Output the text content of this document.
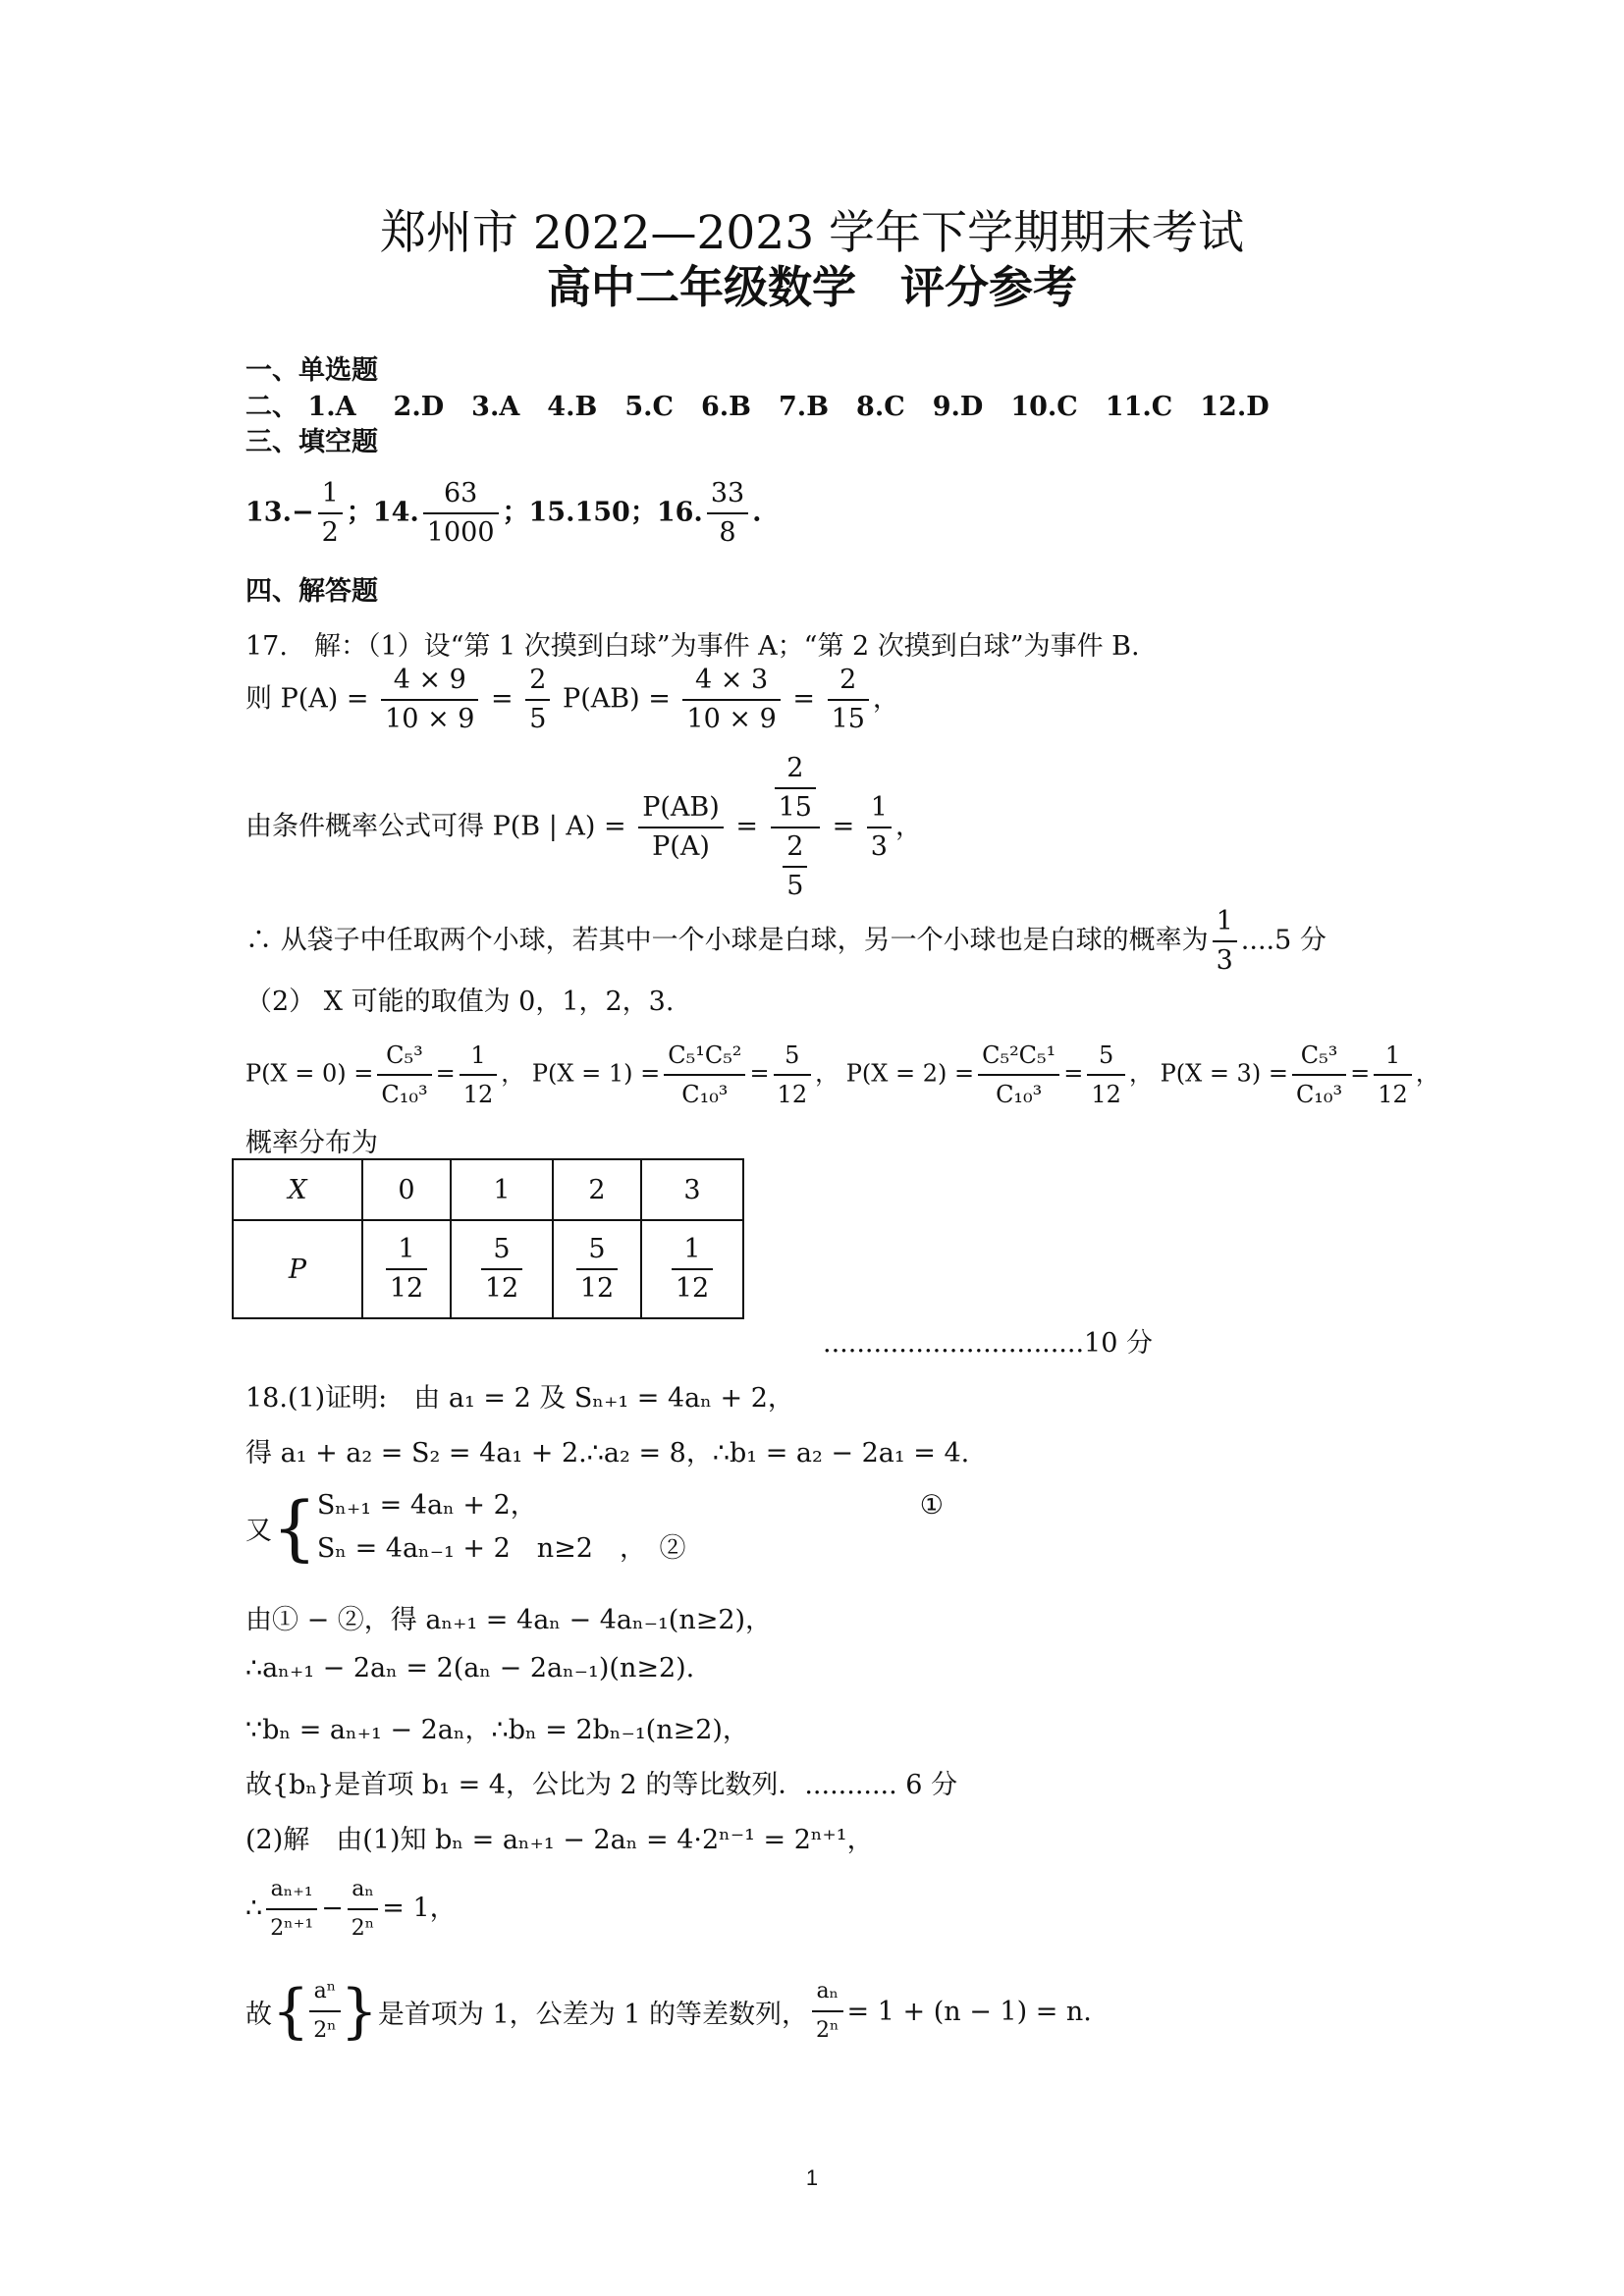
郑州市 2022—2023 学年下学期期末考试
高中二年级数学　评分参考
一、单选题
二、 1.A 2.D 3.A 4.B 5.C 6.B 7.B 8.C 9.D 10.C 11.C 12.D
三、填空题
$13.- \frac{1}{2}$ ；14. $\frac{63}{1000}$ ；15.150；16. $\frac{33}{8}$ .
四、解答题
17.　解：（1）设“第 1 次摸到白球”为事件 A；“第 2 次摸到白球”为事件 B.
则 $P(A) = \frac{4 \times 9}{10 \times 9} = \frac{2}{5} P(AB) = \frac{4 \times 3}{10 \times 9} = \frac{2}{15}$ ，
由条件概率公式可得 P(B | $A) = \frac{P(AB)}{P(A)} = \frac{\frac{2}{15}}{\frac{2}{5}} = \frac{1}{3}$ ，
∴ 从袋子中任取两个小球，若其中一个小球是白球，另一个小球也是白球的概率为 $\frac{1}{3} ....5$ 分
（2） X 可能的取值为 0，1，2，3.
$P(X = 0) = \frac{\text{C₅³}}{\text{C₁₀³}} = \frac{1}{12}$ ， $P(X = 1) = \frac{\text{C₅¹C₅²}}{\text{C₁₀³}} = \frac{5}{12}$ ， $P(X = 2) = \frac{\text{C₅²C₅¹}}{\text{C₁₀³}} = \frac{5}{12}$ ， $P(X = 3) = \frac{\text{C₅³}}{\text{C₁₀³}} = \frac{1}{12}$ ，
概率分布为
X	0	1	2	3
P	$\frac{1}{12}$	$\frac{5}{12}$	$\frac{5}{12}$	$\frac{1}{12}$
...............................10 分
18.(1)证明:　由 a₁ = 2 及 Sₙ₊₁ = 4aₙ + 2，
得 a₁ + a₂ = S₂ = 4a₁ + 2.∴a₂ = 8，∴b₁ = a₂ − 2a₁ = 4.
又{ Sₙ₊₁ = 4aₙ + 2，	①
Sₙ = 4aₙ₋₁ + 2　n≥2　，　②
由① − ②，得 aₙ₊₁ = 4aₙ − 4aₙ₋₁(n≥2)，
∴aₙ₊₁ − 2aₙ = 2(aₙ − 2aₙ₋₁)(n≥2).
∵bₙ = aₙ₊₁ − 2aₙ，∴bₙ = 2bₙ₋₁(n≥2)，
故{bₙ}是首项 b₁ = 4，公比为 2 的等比数列．........... 6 分
(2)解　由(1)知 bₙ = aₙ₊₁ − 2aₙ = 4·2ⁿ⁻¹ = 2ⁿ⁺¹，
∴ $\frac{\text{aₙ₊₁}}{\text{2ⁿ⁺¹}} - \frac{\text{aₙ}}{\text{2ⁿ}} = 1$，
故{ $\frac{\text{aⁿ}}{\text{2ⁿ}}$ }是首项为 1，公差为 1 的等差数列， $\frac{\text{aₙ}}{\text{2ⁿ}} = 1 + (n - 1) = n$.
1
